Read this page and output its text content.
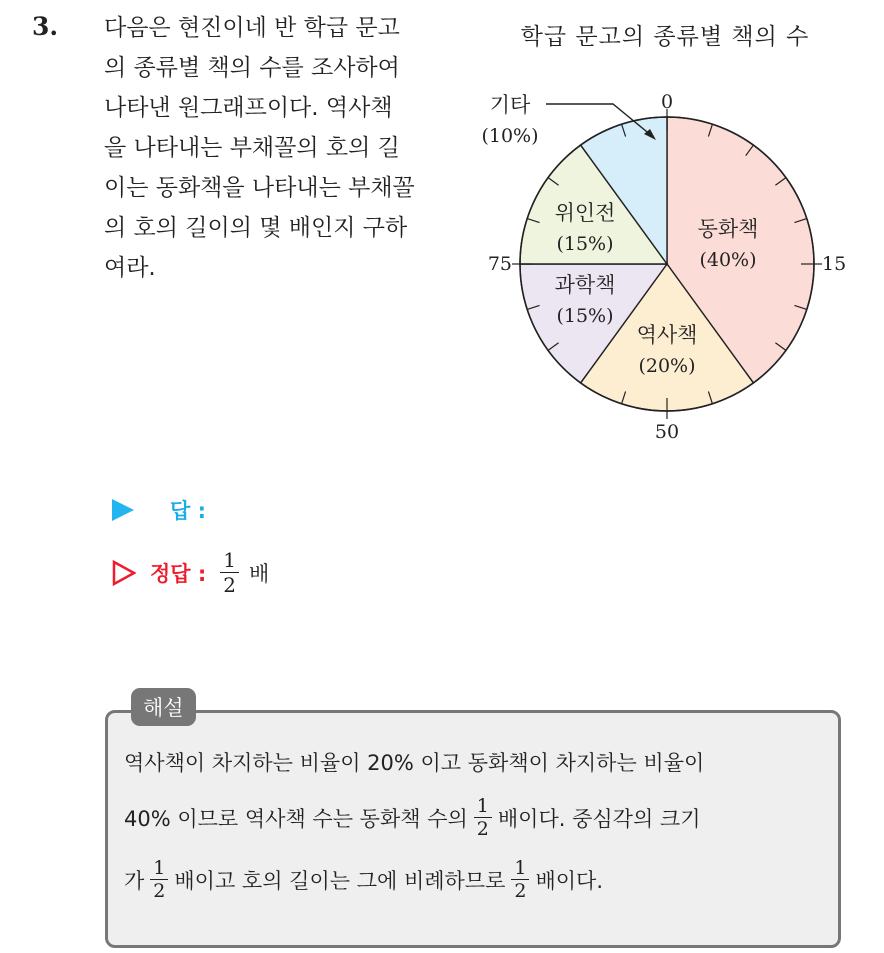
3. 다음은 현진이네 반 학급 문고
의 종류별 책의 수를 조사하여
나타낸 원그래프이다. 역사책
을 나타내는 부채꼴의 호의 길
이는 동화책을 나타내는 부채꼴
의 호의 길이의 몇 배인지 구하
여라.
학급 문고의 종류별 책의 수
0
15
50
75
동화책
(40%)
역사책
(20%)
과학책
(15%)
위인전
(15%)
기타
(10%)
답 :
정답 : $\frac{1}{2}$ 배
해설
역사책이 차지하는 비율이 20% 이고 동화책이 차지하는 비율이
40% 이므로 역사책 수는 동화책 수의 $\frac{1}{2}$ 배이다. 중심각의 크기
가 $\frac{1}{2}$ 배이고 호의 길이는 그에 비례하므로 $\frac{1}{2}$ 배이다.
